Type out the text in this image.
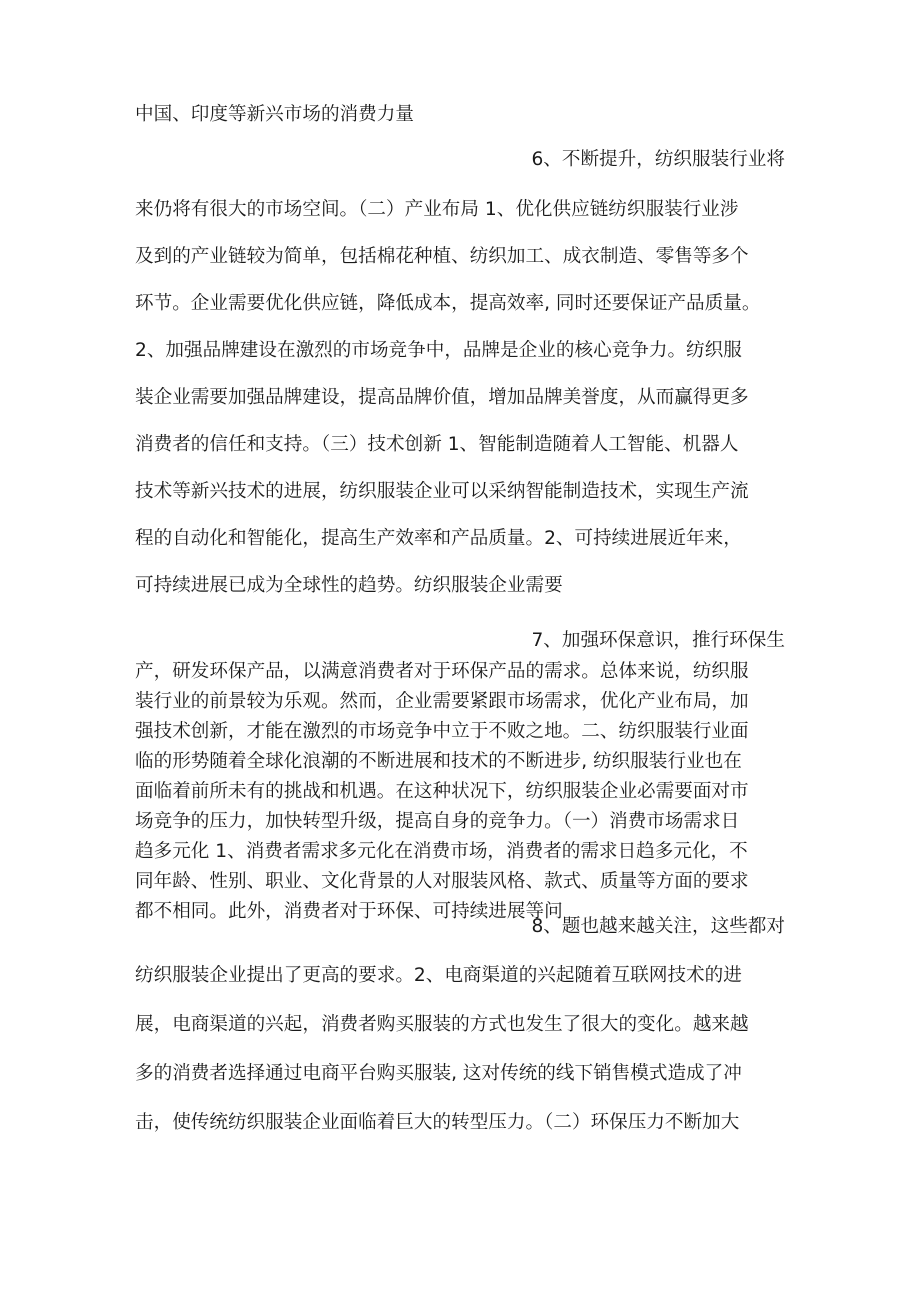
中国、印度等新兴市场的消费力量
6、不断提升，纺织服装行业将
来仍将有很大的市场空间。（二）产业布局 1、优化供应链纺织服装行业涉
及到的产业链较为简单，包括棉花种植、纺织加工、成衣制造、零售等多个
环节。企业需要优化供应链，降低成本，提高效率, 同时还要保证产品质量。
2、加强品牌建设在激烈的市场竞争中，品牌是企业的核心竞争力。纺织服
装企业需要加强品牌建设，提高品牌价值，增加品牌美誉度，从而赢得更多
消费者的信任和支持。（三）技术创新 1、智能制造随着人工智能、机器人
技术等新兴技术的进展，纺织服装企业可以采纳智能制造技术，实现生产流
程的自动化和智能化，提高生产效率和产品质量。2、可持续进展近年来，
可持续进展已成为全球性的趋势。纺织服装企业需要
7、加强环保意识，推行环保生
产，研发环保产品，以满意消费者对于环保产品的需求。总体来说，纺织服
装行业的前景较为乐观。然而，企业需要紧跟市场需求，优化产业布局，加
强技术创新，才能在激烈的市场竞争中立于不败之地。二、纺织服装行业面
临的形势随着全球化浪潮的不断进展和技术的不断进步, 纺织服装行业也在
面临着前所未有的挑战和机遇。在这种状况下，纺织服装企业必需要面对市
场竞争的压力，加快转型升级，提高自身的竞争力。（一）消费市场需求日
趋多元化 1、消费者需求多元化在消费市场，消费者的需求日趋多元化，不
同年龄、性别、职业、文化背景的人对服装风格、款式、质量等方面的要求
都不相同。此外，消费者对于环保、可持续进展等问
8、题也越来越关注，这些都对
纺织服装企业提出了更高的要求。2、电商渠道的兴起随着互联网技术的进
展，电商渠道的兴起，消费者购买服装的方式也发生了很大的变化。越来越
多的消费者选择通过电商平台购买服装, 这对传统的线下销售模式造成了冲
击，使传统纺织服装企业面临着巨大的转型压力。（二）环保压力不断加大
